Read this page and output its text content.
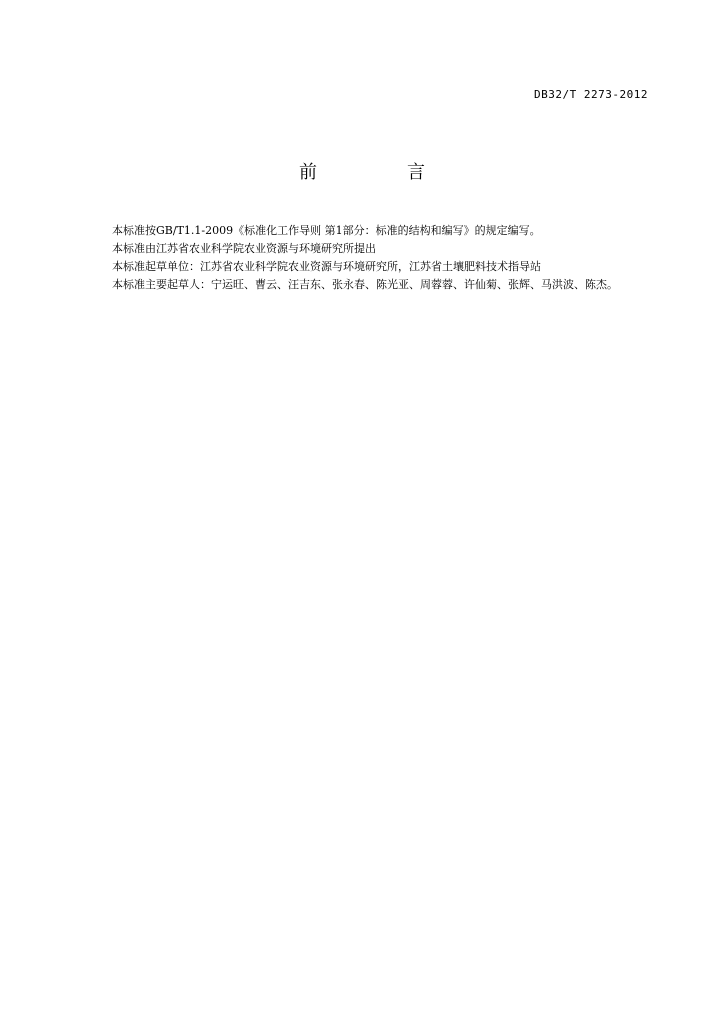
DB32/T 2273-2012
前　言

本标准按GB/T1.1-2009《标准化工作导则 第1部分：标准的结构和编写》的规定编写。

本标准由江苏省农业科学院农业资源与环境研究所提出

本标准起草单位：江苏省农业科学院农业资源与环境研究所，江苏省土壤肥料技术指导站

本标准主要起草人：宁运旺、曹云、汪吉东、张永春、陈光亚、周蓉蓉、许仙菊、张辉、马洪波、陈杰。
